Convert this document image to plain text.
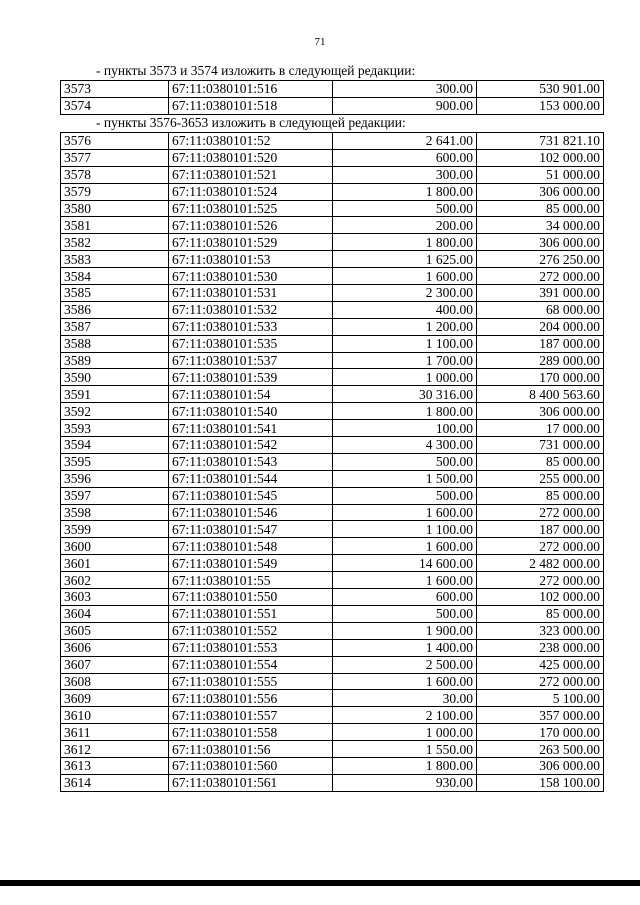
71
- пункты 3573 и 3574 изложить в следующей редакции:
3573	67:11:0380101:516	300.00	530 901.00
3574	67:11:0380101:518	900.00	153 000.00
- пункты 3576-3653 изложить в следующей редакции:
3576	67:11:0380101:52	2 641.00	731 821.10
3577	67:11:0380101:520	600.00	102 000.00
3578	67:11:0380101:521	300.00	51 000.00
3579	67:11:0380101:524	1 800.00	306 000.00
3580	67:11:0380101:525	500.00	85 000.00
3581	67:11:0380101:526	200.00	34 000.00
3582	67:11:0380101:529	1 800.00	306 000.00
3583	67:11:0380101:53	1 625.00	276 250.00
3584	67:11:0380101:530	1 600.00	272 000.00
3585	67:11:0380101:531	2 300.00	391 000.00
3586	67:11:0380101:532	400.00	68 000.00
3587	67:11:0380101:533	1 200.00	204 000.00
3588	67:11:0380101:535	1 100.00	187 000.00
3589	67:11:0380101:537	1 700.00	289 000.00
3590	67:11:0380101:539	1 000.00	170 000.00
3591	67:11:0380101:54	30 316.00	8 400 563.60
3592	67:11:0380101:540	1 800.00	306 000.00
3593	67:11:0380101:541	100.00	17 000.00
3594	67:11:0380101:542	4 300.00	731 000.00
3595	67:11:0380101:543	500.00	85 000.00
3596	67:11:0380101:544	1 500.00	255 000.00
3597	67:11:0380101:545	500.00	85 000.00
3598	67:11:0380101:546	1 600.00	272 000.00
3599	67:11:0380101:547	1 100.00	187 000.00
3600	67:11:0380101:548	1 600.00	272 000.00
3601	67:11:0380101:549	14 600.00	2 482 000.00
3602	67:11:0380101:55	1 600.00	272 000.00
3603	67:11:0380101:550	600.00	102 000.00
3604	67:11:0380101:551	500.00	85 000.00
3605	67:11:0380101:552	1 900.00	323 000.00
3606	67:11:0380101:553	1 400.00	238 000.00
3607	67:11:0380101:554	2 500.00	425 000.00
3608	67:11:0380101:555	1 600.00	272 000.00
3609	67:11:0380101:556	30.00	5 100.00
3610	67:11:0380101:557	2 100.00	357 000.00
3611	67:11:0380101:558	1 000.00	170 000.00
3612	67:11:0380101:56	1 550.00	263 500.00
3613	67:11:0380101:560	1 800.00	306 000.00
3614	67:11:0380101:561	930.00	158 100.00
